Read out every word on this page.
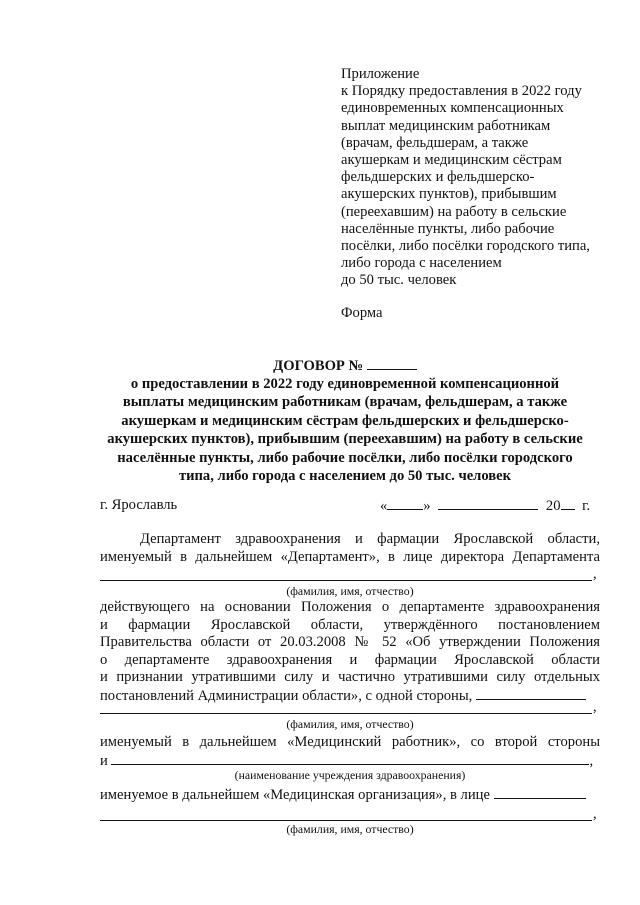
Приложение
к Порядку предоставления в 2022 году
единовременных компенсационных
выплат медицинским работникам
(врачам, фельдшерам, а также
акушеркам и медицинским сёстрам
фельдшерских и фельдшерско-
акушерских пунктов), прибывшим
(переехавшим) на работу в сельские
населённые пункты, либо рабочие
посёлки, либо посёлки городского типа,
либо города с населением
до 50 тыс. человек
Форма
ДОГОВОР №
о предоставлении в 2022 году единовременной компенсационной
выплаты медицинским работникам (врачам, фельдшерам, а также
акушеркам и медицинским сёстрам фельдшерских и фельдшерско-
акушерских пунктов), прибывшим (переехавшим) на работу в сельские
населённые пункты, либо рабочие посёлки, либо посёлки городского
типа, либо города с населением до 50 тыс. человек
г. Ярославль	« »	20 г.
Департамент здравоохранения и фармации Ярославской области,
именуемый в дальнейшем «Департамент», в лице директора Департамента
,
(фамилия, имя, отчество)
действующего на основании Положения о департаменте здравоохранения
и фармации Ярославской области, утверждённого постановлением
Правительства области от 20.03.2008 № 52 «Об утверждении Положения
о департаменте здравоохранения и фармации Ярославской области
и признании утратившими силу и частично утратившими силу отдельных
постановлений Администрации области», с одной стороны,
,
(фамилия, имя, отчество)
именуемый в дальнейшем «Медицинский работник», со второй стороны
и	,
(наименование учреждения здравоохранения)
именуемое в дальнейшем «Медицинская организация», в лице
,
(фамилия, имя, отчество)
